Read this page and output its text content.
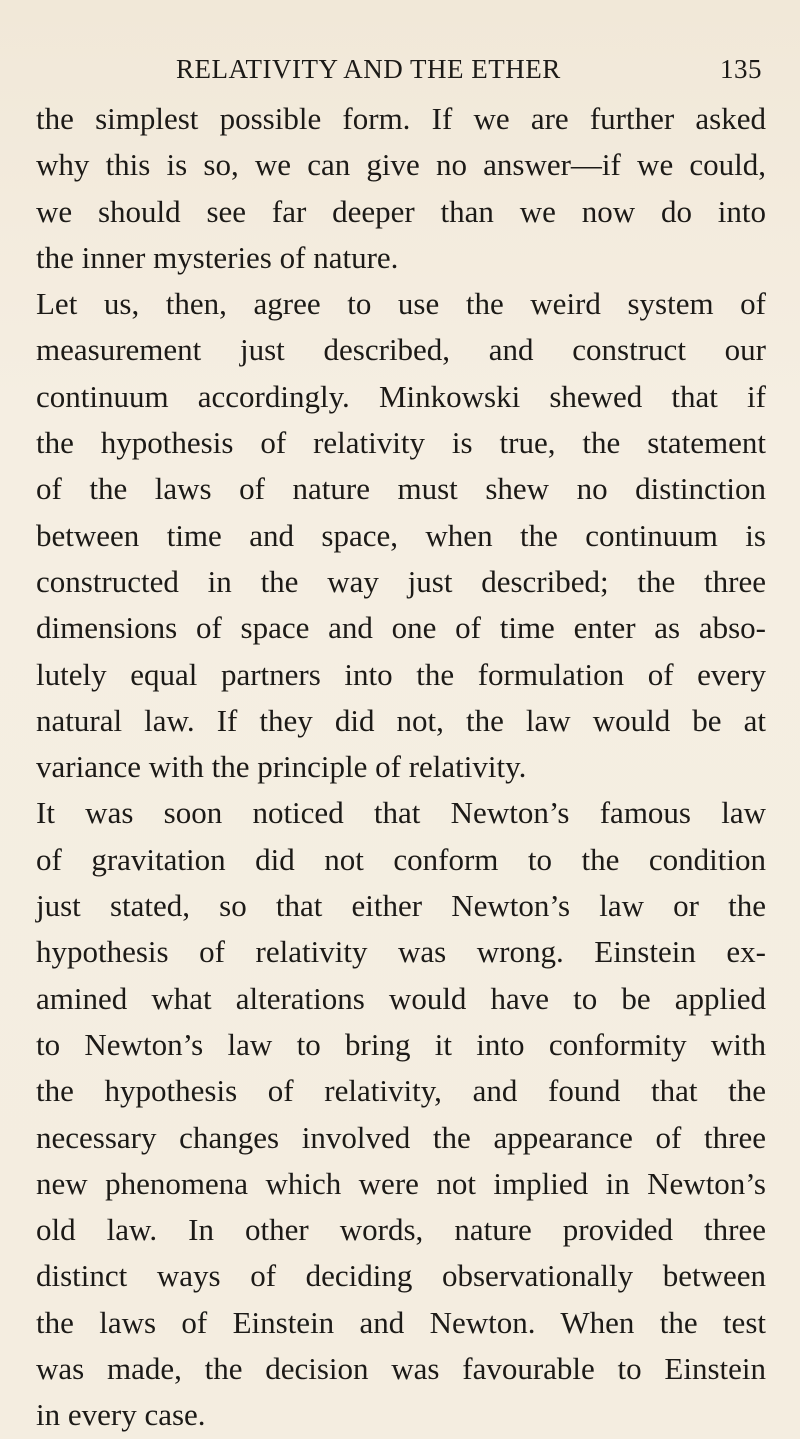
RELATIVITY AND THE ETHER	135
the simplest possible form. If we are further asked
why this is so, we can give no answer—if we could,
we should see far deeper than we now do into
the inner mysteries of nature.
Let us, then, agree to use the weird system of
measurement just described, and construct our
continuum accordingly. Minkowski shewed that if
the hypothesis of relativity is true, the statement
of the laws of nature must shew no distinction
between time and space, when the continuum is
constructed in the way just described; the three
dimensions of space and one of time enter as abso-
lutely equal partners into the formulation of every
natural law. If they did not, the law would be at
variance with the principle of relativity.
It was soon noticed that Newton’s famous law
of gravitation did not conform to the condition
just stated, so that either Newton’s law or the
hypothesis of relativity was wrong. Einstein ex-
amined what alterations would have to be applied
to Newton’s law to bring it into conformity with
the hypothesis of relativity, and found that the
necessary changes involved the appearance of three
new phenomena which were not implied in Newton’s
old law. In other words, nature provided three
distinct ways of deciding observationally between
the laws of Einstein and Newton. When the test
was made, the decision was favourable to Einstein
in every case.
